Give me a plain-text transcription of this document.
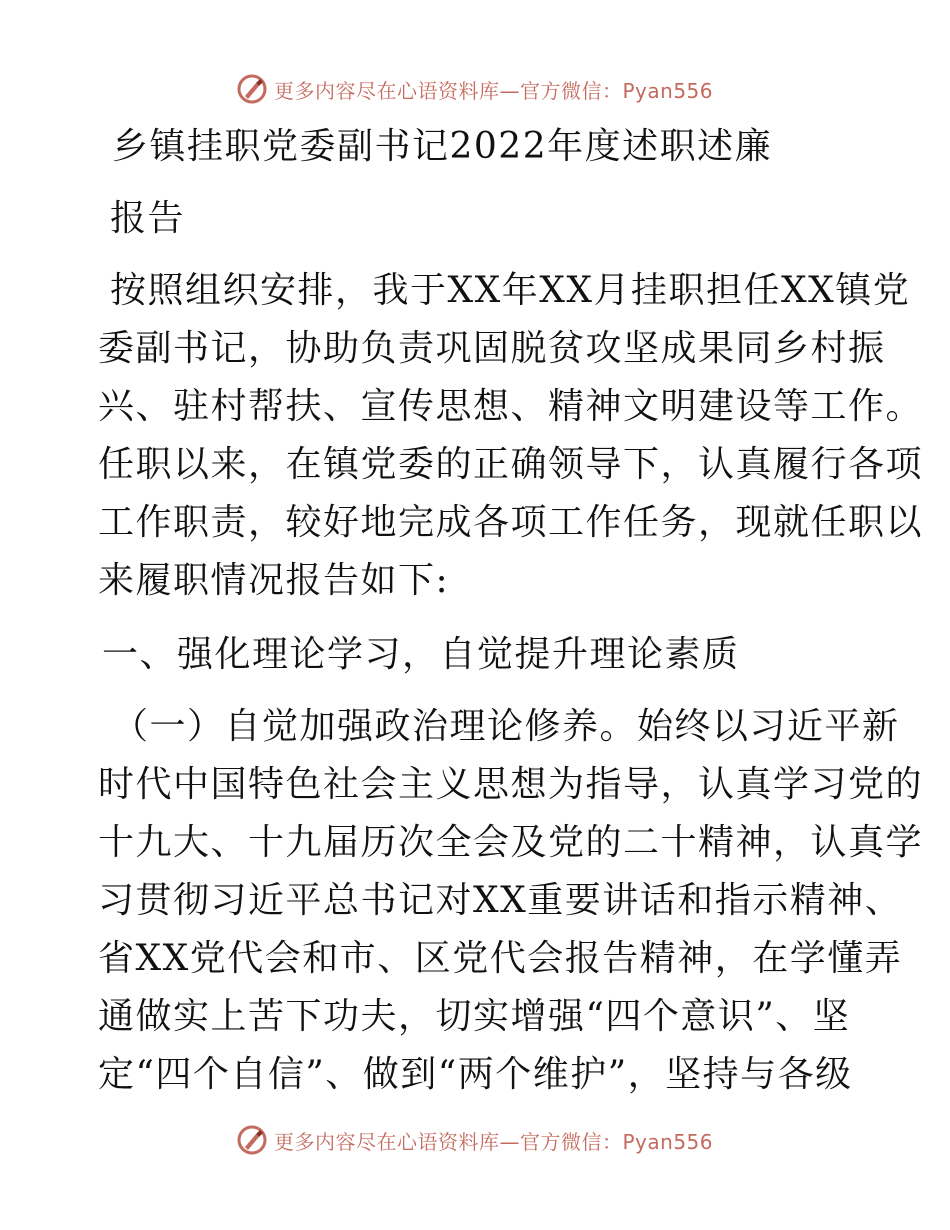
更多内容尽在心语资料库—官方微信：Pyan556
乡镇挂职党委副书记2022年度述职述廉
报告
按照组织安排，我于XX年XX月挂职担任XX镇党
委副书记，协助负责巩固脱贫攻坚成果同乡村振
兴、驻村帮扶、宣传思想、精神文明建设等工作。
任职以来，在镇党委的正确领导下，认真履行各项
工作职责，较好地完成各项工作任务，现就任职以
来履职情况报告如下:
一、强化理论学习，自觉提升理论素质
（一）自觉加强政治理论修养。始终以习近平新
时代中国特色社会主义思想为指导，认真学习党的
十九大、十九届历次全会及党的二十精神，认真学
习贯彻习近平总书记对XX重要讲话和指示精神、
省XX党代会和市、区党代会报告精神，在学懂弄
通做实上苦下功夫，切实增强“四个意识”、坚
定“四个自信”、做到“两个维护”，坚持与各级
更多内容尽在心语资料库—官方微信：Pyan556
